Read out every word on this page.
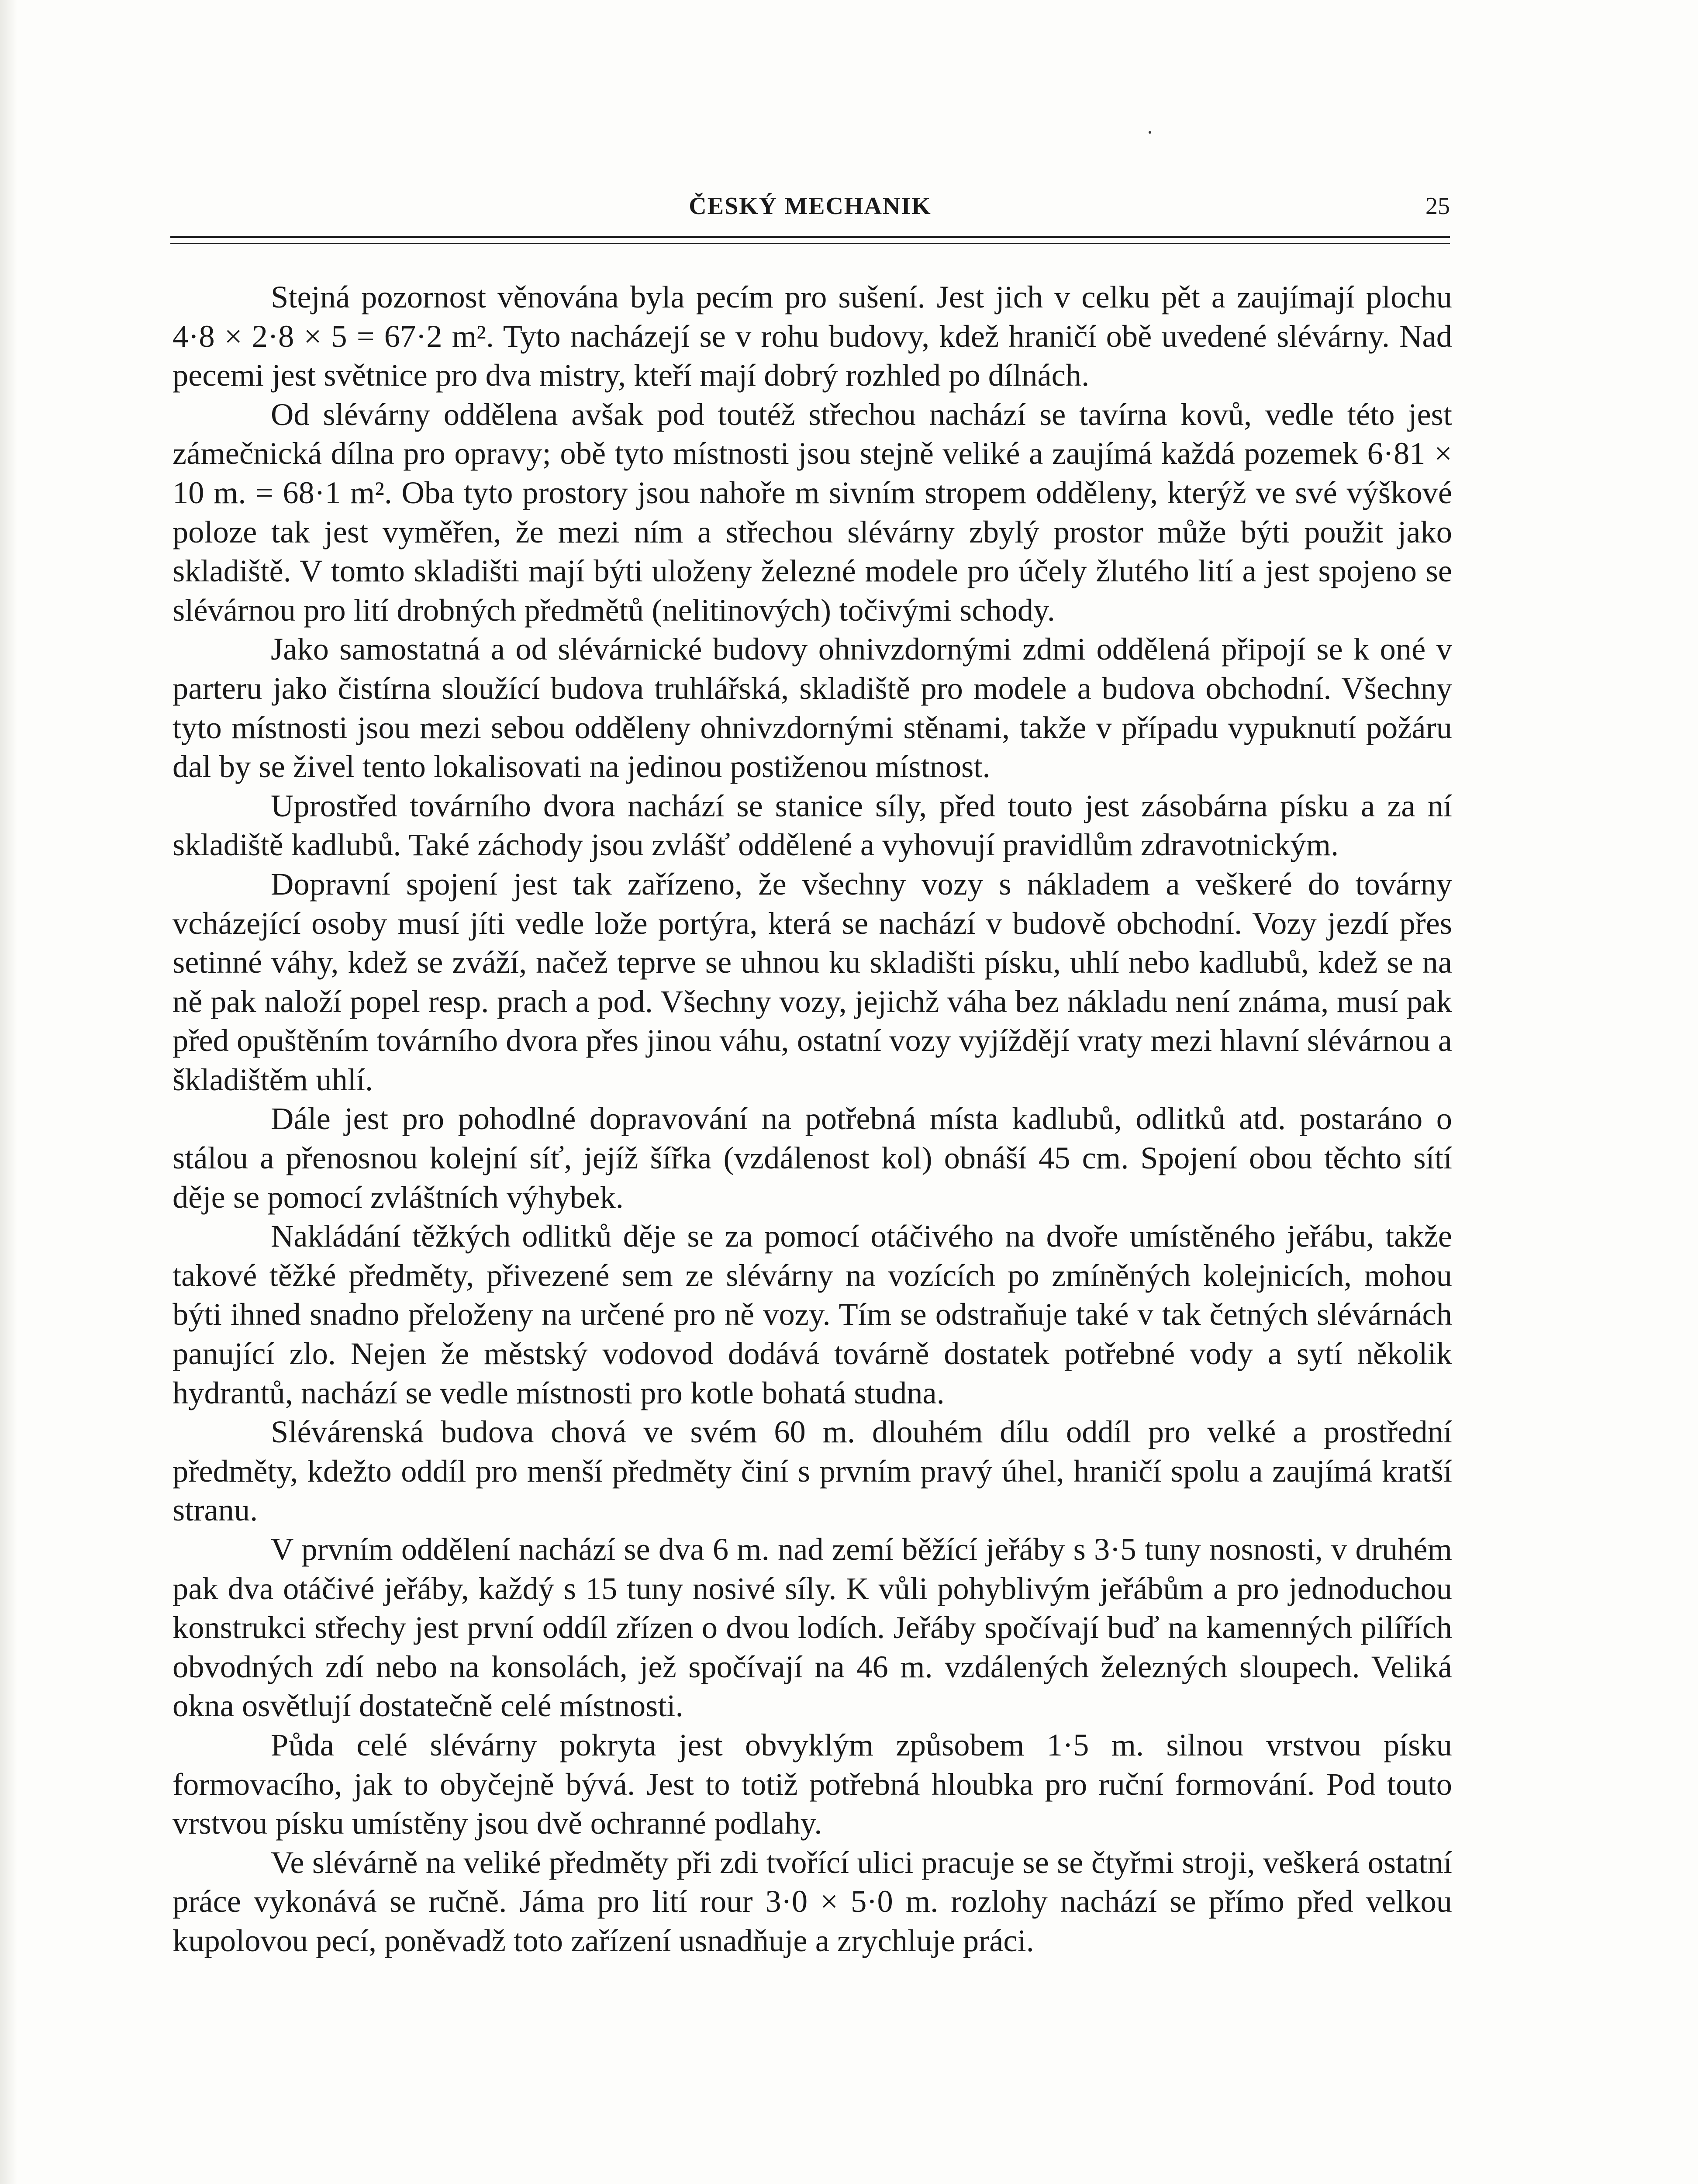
ČESKÝ MECHANIK	25

Stejná pozornost věnována byla pecím pro sušení. Jest jich v celku pět a zaujímají plochu 4·8 × 2·8 × 5 = 67·2 m². Tyto nacházejí se v rohu budovy, kdež hraničí obě uvedené slévárny. Nad pecemi jest světnice pro dva mistry, kteří mají dobrý rozhled po dílnách.

Od slévárny oddělena avšak pod toutéž střechou nachází se tavírna kovů, vedle této jest zámečnická dílna pro opravy; obě tyto místnosti jsou stejně veliké a zaujímá každá pozemek 6·81 × 10 m. = 68·1 m². Oba tyto prostory jsou nahoře m sivním stropem odděleny, kterýž ve své výškové poloze tak jest vyměřen, že mezi ním a střechou slévárny zbylý prostor může býti použit jako skladiště. V tomto skladišti mají býti uloženy železné modele pro účely žlutého lití a jest spojeno se slévárnou pro lití drobných předmětů (nelitinových) točivými schody.

Jako samostatná a od slévárnické budovy ohnivzdornými zdmi oddělená připojí se k oné v parteru jako čistírna sloužící budova truhlářská, skladiště pro modele a budova obchodní. Všechny tyto místnosti jsou mezi sebou odděleny ohnivzdornými stěnami, takže v případu vypuknutí požáru dal by se živel tento lokalisovati na jedinou postiženou místnost.

Uprostřed továrního dvora nachází se stanice síly, před touto jest zásobárna písku a za ní skladiště kadlubů. Také záchody jsou zvlášť oddělené a vyhovují pravidlům zdravotnickým.

Dopravní spojení jest tak zařízeno, že všechny vozy s nákladem a veškeré do továrny vcházející osoby musí jíti vedle lože portýra, která se nachází v budově obchodní. Vozy jezdí přes setinné váhy, kdež se zváží, načež teprve se uhnou ku skladišti písku, uhlí nebo kadlubů, kdež se na ně pak naloží popel resp. prach a pod. Všechny vozy, jejichž váha bez nákladu není známa, musí pak před opuštěním továrního dvora přes jinou váhu, ostatní vozy vyjíždějí vraty mezi hlavní slévárnou a škladištěm uhlí.

Dále jest pro pohodlné dopravování na potřebná místa kadlubů, odlitků atd. postaráno o stálou a přenosnou kolejní síť, jejíž šířka (vzdálenost kol) obnáší 45 cm. Spojení obou těchto sítí děje se pomocí zvláštních výhybek.

Nakládání těžkých odlitků děje se za pomocí otáčivého na dvoře umístěného jeřábu, takže takové těžké předměty, přivezené sem ze slévárny na vozících po zmíněných kolejnicích, mohou býti ihned snadno přeloženy na určené pro ně vozy. Tím se odstraňuje také v tak četných slévárnách panující zlo. Nejen že městský vodovod dodává továrně dostatek potřebné vody a sytí několik hydrantů, nachází se vedle místnosti pro kotle bohatá studna.

Slévárenská budova chová ve svém 60 m. dlouhém dílu oddíl pro velké a prostřední předměty, kdežto oddíl pro menší předměty činí s prvním pravý úhel, hraničí spolu a zaujímá kratší stranu.

V prvním oddělení nachází se dva 6 m. nad zemí běžící jeřáby s 3·5 tuny nosnosti, v druhém pak dva otáčivé jeřáby, každý s 15 tuny nosivé síly. K vůli pohyblivým jeřábům a pro jednoduchou konstrukci střechy jest první oddíl zřízen o dvou lodích. Jeřáby spočívají buď na kamenných pilířích obvodných zdí nebo na konsolách, jež spočívají na 46 m. vzdálených železných sloupech. Veliká okna osvětlují dostatečně celé místnosti.

Půda celé slévárny pokryta jest obvyklým způsobem 1·5 m. silnou vrstvou písku formovacího, jak to obyčejně bývá. Jest to totiž potřebná hloubka pro ruční formování. Pod touto vrstvou písku umístěny jsou dvě ochranné podlahy.

Ve slévárně na veliké předměty při zdi tvořící ulici pracuje se se čtyřmi stroji, veškerá ostatní práce vykonává se ručně. Jáma pro lití rour 3·0 × 5·0 m. rozlohy nachází se přímo před velkou kupolovou pecí, poněvadž toto zařízení usnadňuje a zrychluje práci.
